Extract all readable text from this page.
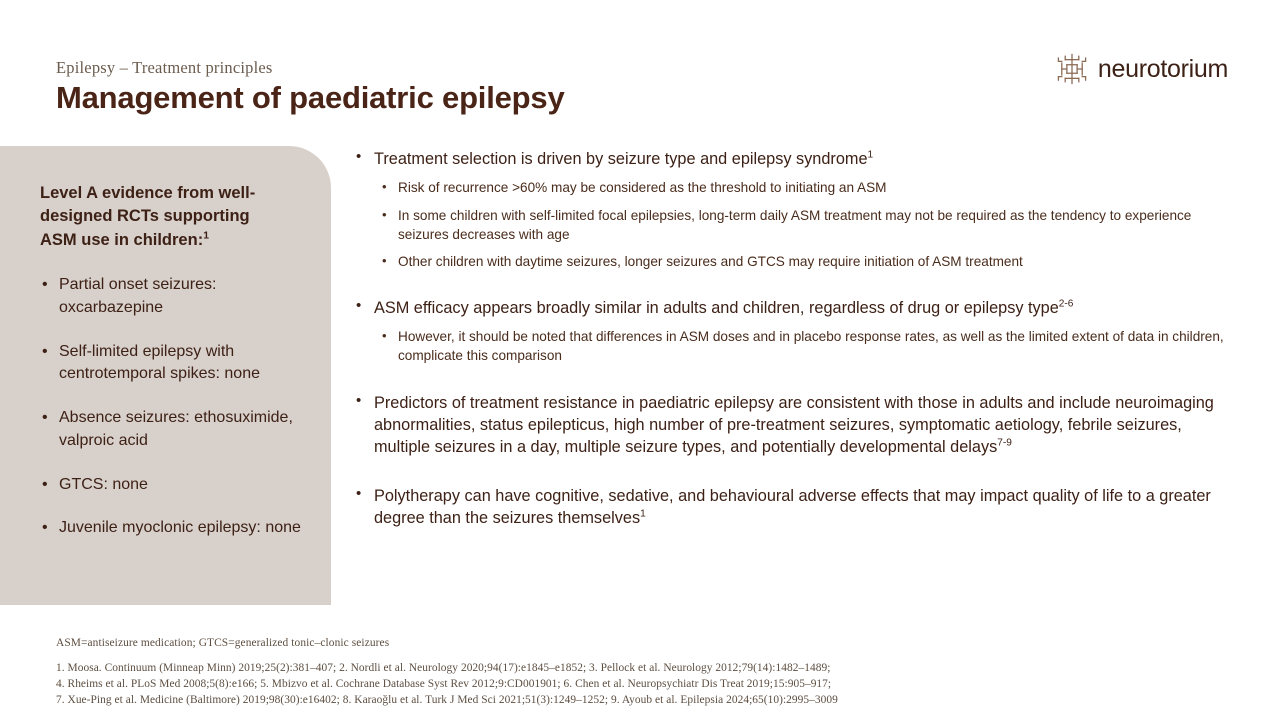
Epilepsy – Treatment principles
Management of paediatric epilepsy
neurotorium
Level A evidence from well-designed RCTs supporting ASM use in children:$^1$
• Partial onset seizures: oxcarbazepine
• Self-limited epilepsy with centrotemporal spikes: none
• Absence seizures: ethosuximide, valproic acid
• GTCS: none
• Juvenile myoclonic epilepsy: none
• Treatment selection is driven by seizure type and epilepsy syndrome$^1$
• Risk of recurrence >60% may be considered as the threshold to initiating an ASM
• In some children with self-limited focal epilepsies, long-term daily ASM treatment may not be required as the tendency to experience seizures decreases with age
• Other children with daytime seizures, longer seizures and GTCS may require initiation of ASM treatment
• ASM efficacy appears broadly similar in adults and children, regardless of drug or epilepsy type$^{2-6}$
• However, it should be noted that differences in ASM doses and in placebo response rates, as well as the limited extent of data in children, complicate this comparison
• Predictors of treatment resistance in paediatric epilepsy are consistent with those in adults and include neuroimaging abnormalities, status epilepticus, high number of pre-treatment seizures, symptomatic aetiology, febrile seizures, multiple seizures in a day, multiple seizure types, and potentially developmental delays$^{7-9}$
• Polytherapy can have cognitive, sedative, and behavioural adverse effects that may impact quality of life to a greater degree than the seizures themselves$^1$
ASM=antiseizure medication; GTCS=generalized tonic–clonic seizures
1. Moosa. Continuum (Minneap Minn) 2019;25(2):381–407; 2. Nordli et al. Neurology 2020;94(17):e1845–e1852; 3. Pellock et al. Neurology 2012;79(14):1482–1489;
4. Rheims et al. PLoS Med 2008;5(8):e166; 5. Mbizvo et al. Cochrane Database Syst Rev 2012;9:CD001901; 6. Chen et al. Neuropsychiatr Dis Treat 2019;15:905–917;
7. Xue-Ping et al. Medicine (Baltimore) 2019;98(30):e16402; 8. Karaoğlu et al. Turk J Med Sci 2021;51(3):1249–1252; 9. Ayoub et al. Epilepsia 2024;65(10):2995–3009
